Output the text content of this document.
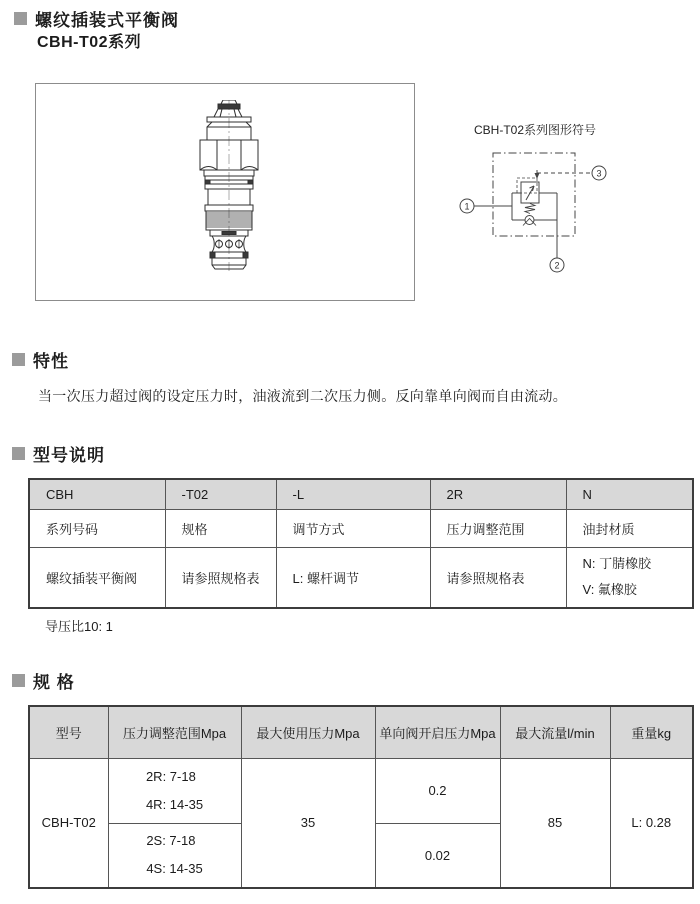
螺纹插装式平衡阀
CBH-T02系列
CBH-T02系列图形符号
1
2
3
特性
当一次压力超过阀的设定压力时，油液流到二次压力侧。反向靠单向阀而自由流动。
型号说明
CBH	-T02	-L	2R	N
系列号码	规格	调节方式	压力调整范围	油封材质
螺纹插装平衡阀	请参照规格表	L: 螺杆调节	请参照规格表	N: 丁腈橡胶
V: 氟橡胶
导压比10: 1
规 格
型号	压力调整范围Mpa	最大使用压力Mpa	单向阀开启压力Mpa	最大流量l/min	重量kg
CBH-T02	2R: 7-18
4R: 14-35	35	0.2	85	L: 0.28

	2S: 7-18
4S: 14-35		0.02		
